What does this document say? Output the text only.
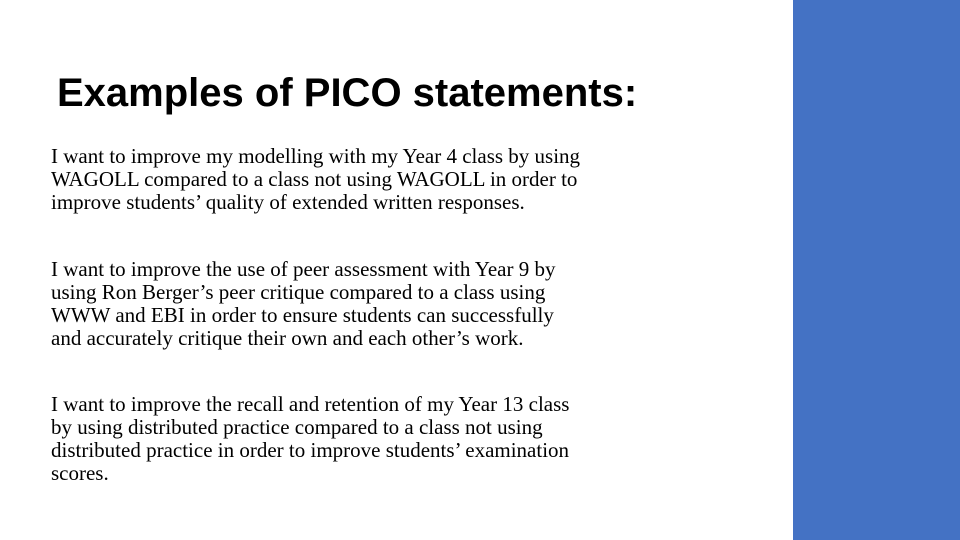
Examples of PICO statements:

I want to improve my modelling with my Year 4 class by using
WAGOLL compared to a class not using WAGOLL in order to
improve students’ quality of extended written responses.

I want to improve the use of peer assessment with Year 9 by
using Ron Berger’s peer critique compared to a class using
WWW and EBI in order to ensure students can successfully
and accurately critique their own and each other’s work.

I want to improve the recall and retention of my Year 13 class
by using distributed practice compared to a class not using
distributed practice in order to improve students’ examination
scores.
